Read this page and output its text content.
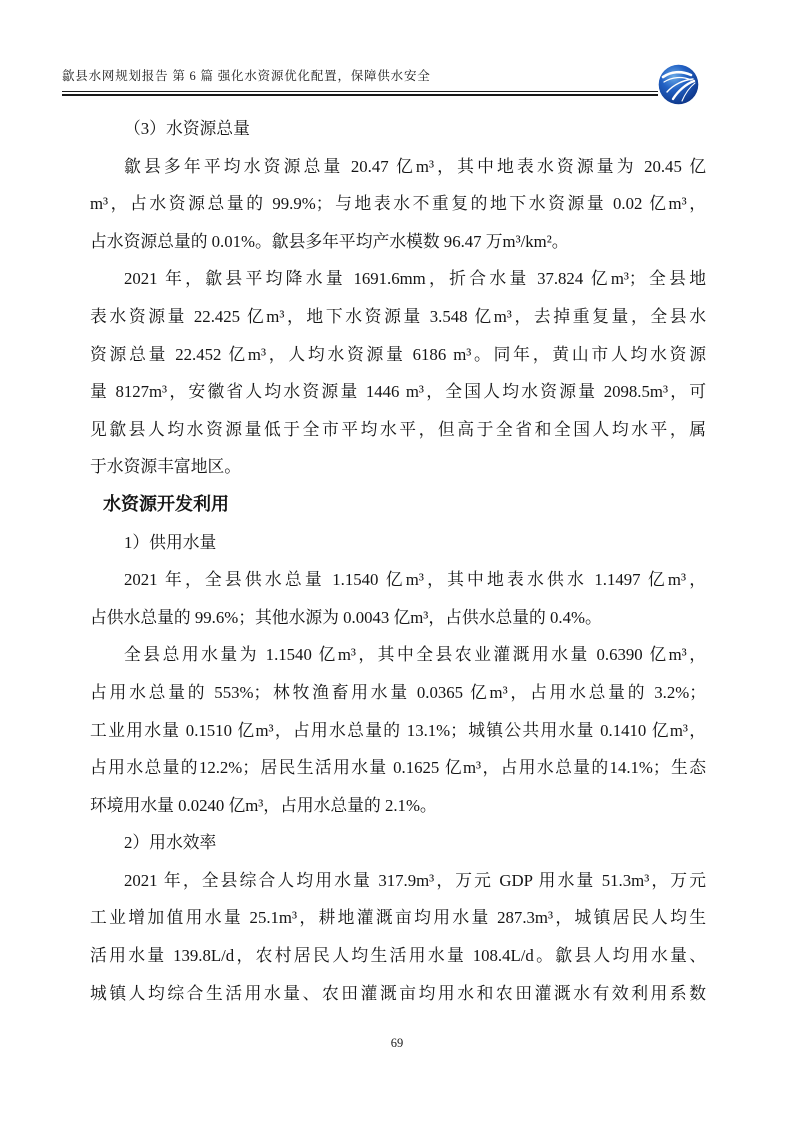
歙县水网规划报告 第 6 篇 强化水资源优化配置，保障供水安全
（3）水资源总量
歙县多年平均水资源总量 20.47 亿m³，其中地表水资源量为 20.45 亿
m³，占水资源总量的 99.9%；与地表水不重复的地下水资源量 0.02 亿m³，
占水资源总量的 0.01%。歙县多年平均产水模数 96.47 万m³/km²。
2021 年，歙县平均降水量 1691.6mm，折合水量 37.824 亿m³；全县地
表水资源量 22.425 亿m³，地下水资源量 3.548 亿m³，去掉重复量，全县水
资源总量 22.452 亿m³，人均水资源量 6186 m³。同年，黄山市人均水资源
量 8127m³，安徽省人均水资源量 1446 m³，全国人均水资源量 2098.5m³，可
见歙县人均水资源量低于全市平均水平，但高于全省和全国人均水平，属
于水资源丰富地区。
水资源开发利用
1）供用水量
2021 年，全县供水总量 1.1540 亿m³，其中地表水供水 1.1497 亿m³，
占供水总量的 99.6%；其他水源为 0.0043 亿m³，占供水总量的 0.4%。
全县总用水量为 1.1540 亿m³，其中全县农业灌溉用水量 0.6390 亿m³，
占用水总量的 553%；林牧渔畜用水量 0.0365 亿m³，占用水总量的 3.2%；
工业用水量 0.1510 亿m³，占用水总量的 13.1%；城镇公共用水量 0.1410 亿m³，
占用水总量的12.2%；居民生活用水量 0.1625 亿m³，占用水总量的14.1%；生态
环境用水量 0.0240 亿m³，占用水总量的 2.1%。
2）用水效率
2021 年，全县综合人均用水量 317.9m³，万元 GDP 用水量 51.3m³，万元
工业增加值用水量 25.1m³，耕地灌溉亩均用水量 287.3m³，城镇居民人均生
活用水量 139.8L/d，农村居民人均生活用水量 108.4L/d。歙县人均用水量、
城镇人均综合生活用水量、农田灌溉亩均用水和农田灌溉水有效利用系数
69
